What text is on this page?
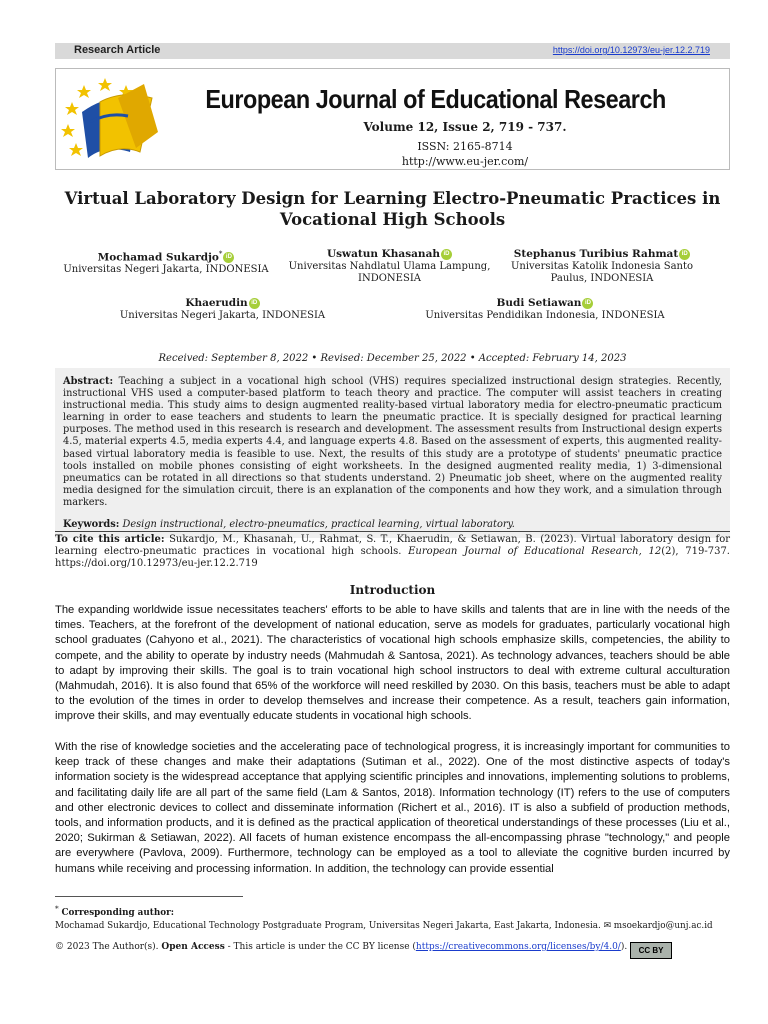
Research Article	https://doi.org/10.12973/eu-jer.12.2.719
European Journal of Educational Research
Volume 12, Issue 2, 719 - 737.
ISSN: 2165-8714
http://www.eu-jer.com/
Virtual Laboratory Design for Learning Electro-Pneumatic Practices in Vocational High Schools
Mochamad Sukardjo* iD
Universitas Negeri Jakarta, INDONESIA
Uswatun Khasanah iD
Universitas Nahdlatul Ulama Lampung, INDONESIA
Stephanus Turibius Rahmat iD
Universitas Katolik Indonesia Santo Paulus, INDONESIA
Khaerudin iD
Universitas Negeri Jakarta, INDONESIA
Budi Setiawan iD
Universitas Pendidikan Indonesia, INDONESIA
Received: September 8, 2022 • Revised: December 25, 2022 • Accepted: February 14, 2023
Abstract: Teaching a subject in a vocational high school (VHS) requires specialized instructional design strategies. Recently, instructional VHS used a computer-based platform to teach theory and practice. The computer will assist teachers in creating instructional media. This study aims to design augmented reality-based virtual laboratory media for electro-pneumatic practicum learning in order to ease teachers and students to learn the pneumatic practice. It is specially designed for practical learning purposes. The method used in this research is research and development. The assessment results from Instructional design experts 4.5, material experts 4.5, media experts 4.4, and language experts 4.8. Based on the assessment of experts, this augmented reality-based virtual laboratory media is feasible to use. Next, the results of this study are a prototype of students' pneumatic practice tools installed on mobile phones consisting of eight worksheets. In the designed augmented reality media, 1) 3-dimensional pneumatics can be rotated in all directions so that students understand. 2) Pneumatic job sheet, where on the augmented reality media designed for the simulation circuit, there is an explanation of the components and how they work, and a simulation through markers.
Keywords: Design instructional, electro-pneumatics, practical learning, virtual laboratory.
To cite this article: Sukardjo, M., Khasanah, U., Rahmat, S. T., Khaerudin, & Setiawan, B. (2023). Virtual laboratory design for learning electro-pneumatic practices in vocational high schools. European Journal of Educational Research, 12(2), 719-737. https://doi.org/10.12973/eu-jer.12.2.719
Introduction
The expanding worldwide issue necessitates teachers' efforts to be able to have skills and talents that are in line with the needs of the times. Teachers, at the forefront of the development of national education, serve as models for graduates, particularly vocational high school graduates (Cahyono et al., 2021). The characteristics of vocational high schools emphasize skills, competencies, the ability to compete, and the ability to operate by industry needs (Mahmudah & Santosa, 2021). As technology advances, teachers should be able to adapt by improving their skills. The goal is to train vocational high school instructors to deal with extreme cultural acculturation (Mahmudah, 2016). It is also found that 65% of the workforce will need reskilled by 2030. On this basis, teachers must be able to adapt to the evolution of the times in order to develop themselves and increase their competence. As a result, teachers gain information, improve their skills, and may eventually educate students in vocational high schools.
With the rise of knowledge societies and the accelerating pace of technological progress, it is increasingly important for communities to keep track of these changes and make their adaptations (Sutiman et al., 2022). One of the most distinctive aspects of today's information society is the widespread acceptance that applying scientific principles and innovations, implementing solutions to problems, and facilitating daily life are all part of the same field (Lam & Santos, 2018). Information technology (IT) refers to the use of computers and other electronic devices to collect and disseminate information (Richert et al., 2016). IT is also a subfield of production methods, tools, and information products, and it is defined as the practical application of theoretical understandings of these processes (Liu et al., 2020; Sukirman & Setiawan, 2022). All facets of human existence encompass the all-encompassing phrase "technology," and people are everywhere (Pavlova, 2009). Furthermore, technology can be employed as a tool to alleviate the cognitive burden incurred by humans while receiving and processing information. In addition, the technology can provide essential
* Corresponding author:
Mochamad Sukardjo, Educational Technology Postgraduate Program, Universitas Negeri Jakarta, East Jakarta, Indonesia. ✉ msoekardjo@unj.ac.id
© 2023 The Author(s). Open Access - This article is under the CC BY license (https://creativecommons.org/licenses/by/4.0/). CC BY
